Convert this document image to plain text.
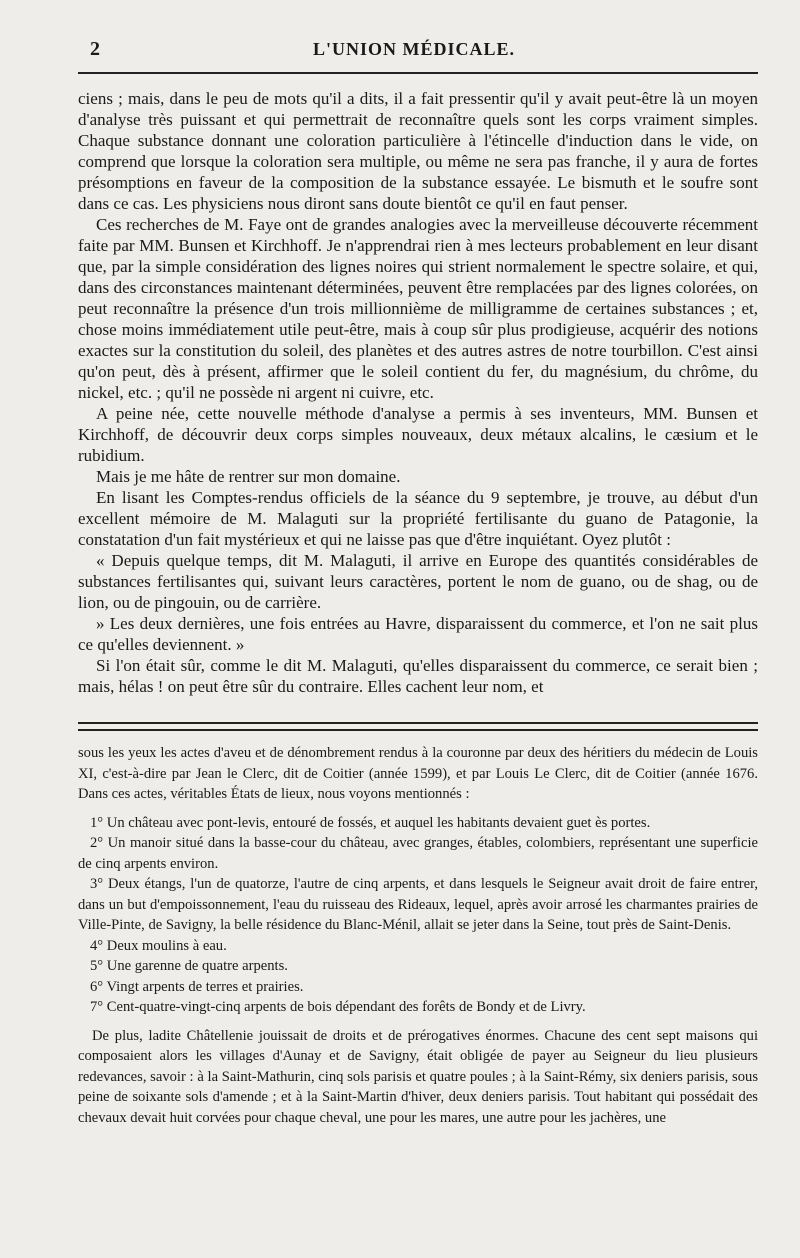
2	L'UNION MÉDICALE.

ciens ; mais, dans le peu de mots qu'il a dits, il a fait pressentir qu'il y avait peut-être là un moyen d'analyse très puissant et qui permettrait de reconnaître quels sont les corps vraiment simples. Chaque substance donnant une coloration particulière à l'étincelle d'induction dans le vide, on comprend que lorsque la coloration sera multiple, ou même ne sera pas franche, il y aura de fortes présomptions en faveur de la composition de la substance essayée. Le bismuth et le soufre sont dans ce cas. Les physiciens nous diront sans doute bientôt ce qu'il en faut penser.

Ces recherches de M. Faye ont de grandes analogies avec la merveilleuse découverte récemment faite par MM. Bunsen et Kirchhoff. Je n'apprendrai rien à mes lecteurs probablement en leur disant que, par la simple considération des lignes noires qui strient normalement le spectre solaire, et qui, dans des circonstances maintenant déterminées, peuvent être remplacées par des lignes colorées, on peut reconnaître la présence d'un trois millionnième de milligramme de certaines substances ; et, chose moins immédiatement utile peut-être, mais à coup sûr plus prodigieuse, acquérir des notions exactes sur la constitution du soleil, des planètes et des autres astres de notre tourbillon. C'est ainsi qu'on peut, dès à présent, affirmer que le soleil contient du fer, du magnésium, du chrôme, du nickel, etc. ; qu'il ne possède ni argent ni cuivre, etc.

A peine née, cette nouvelle méthode d'analyse a permis à ses inventeurs, MM. Bunsen et Kirchhoff, de découvrir deux corps simples nouveaux, deux métaux alcalins, le cæsium et le rubidium.

Mais je me hâte de rentrer sur mon domaine.

En lisant les Comptes-rendus officiels de la séance du 9 septembre, je trouve, au début d'un excellent mémoire de M. Malaguti sur la propriété fertilisante du guano de Patagonie, la constatation d'un fait mystérieux et qui ne laisse pas que d'être inquiétant. Oyez plutôt :

« Depuis quelque temps, dit M. Malaguti, il arrive en Europe des quantités considérables de substances fertilisantes qui, suivant leurs caractères, portent le nom de guano, ou de shag, ou de lion, ou de pingouin, ou de carrière.

» Les deux dernières, une fois entrées au Havre, disparaissent du commerce, et l'on ne sait plus ce qu'elles deviennent. »

Si l'on était sûr, comme le dit M. Malaguti, qu'elles disparaissent du commerce, ce serait bien ; mais, hélas ! on peut être sûr du contraire. Elles cachent leur nom, et

sous les yeux les actes d'aveu et de dénombrement rendus à la couronne par deux des héritiers du médecin de Louis XI, c'est-à-dire par Jean le Clerc, dit de Coitier (année 1599), et par Louis Le Clerc, dit de Coitier (année 1676. Dans ces actes, véritables États de lieux, nous voyons mentionnés :

1° Un château avec pont-levis, entouré de fossés, et auquel les habitants devaient guet ès portes.

2° Un manoir situé dans la basse-cour du château, avec granges, étables, colombiers, représentant une superficie de cinq arpents environ.

3° Deux étangs, l'un de quatorze, l'autre de cinq arpents, et dans lesquels le Seigneur avait droit de faire entrer, dans un but d'empoissonnement, l'eau du ruisseau des Rideaux, lequel, après avoir arrosé les charmantes prairies de Ville-Pinte, de Savigny, la belle résidence du Blanc-Ménil, allait se jeter dans la Seine, tout près de Saint-Denis.

4° Deux moulins à eau.

5° Une garenne de quatre arpents.

6° Vingt arpents de terres et prairies.

7° Cent-quatre-vingt-cinq arpents de bois dépendant des forêts de Bondy et de Livry.

De plus, ladite Châtellenie jouissait de droits et de prérogatives énormes. Chacune des cent sept maisons qui composaient alors les villages d'Aunay et de Savigny, était obligée de payer au Seigneur du lieu plusieurs redevances, savoir : à la Saint-Mathurin, cinq sols parisis et quatre poules ; à la Saint-Rémy, six deniers parisis, sous peine de soixante sols d'amende ; et à la Saint-Martin d'hiver, deux deniers parisis. Tout habitant qui possédait des chevaux devait huit corvées pour chaque cheval, une pour les mares, une autre pour les jachères, une
